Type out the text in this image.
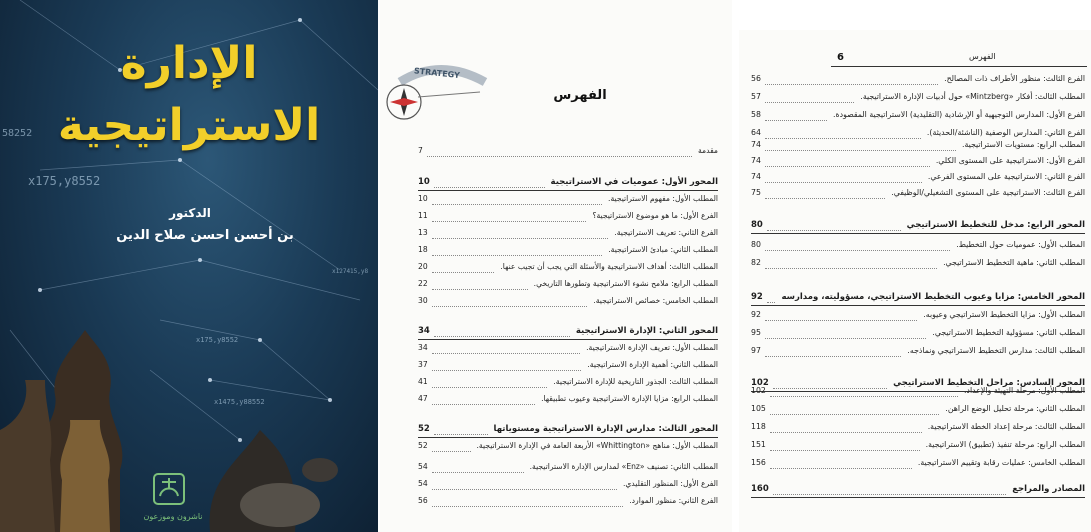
الإدارة
الاستراتيجية
58252
x175,y8552
x175,y8552
x1475,y88552
x127415,y8
الدكتور
بن أحسن احسن صلاح الدين
ناشرون وموزعون
STRATEGY
الفهرس
مقدمة
7
المحور الأول: عموميات في الاستراتيجية
10
المطلب الأول: مفهوم الاستراتيجية.
10
الفرع الأول: ما هو موضوع الاستراتيجية؟
11
الفرع الثاني: تعريف الاستراتيجية.
13
المطلب الثاني: مبادئ الاستراتيجية.
18
المطلب الثالث: أهداف الاستراتيجية والأسئلة التي يجب أن تجيب عنها.
20
المطلب الرابع: ملامح نشوء الاستراتيجية وتطورها التاريخي.
22
المطلب الخامس: خصائص الاستراتيجية.
30
المحور الثاني: الإدارة الاستراتيجية
34
المطلب الأول: تعريف الإدارة الاستراتيجية.
34
المطلب الثاني: أهمية الإدارة الاستراتيجية.
37
المطلب الثالث: الجذور التاريخية للإدارة الاستراتيجية.
41
المطلب الرابع: مزايا الإدارة الاستراتيجية وعيوب تطبيقها.
47
المحور الثالث: مدارس الإدارة الاستراتيجية ومستوياتها
52
المطلب الأول: مناهج «Whittington» الأربعة العامة في الإدارة الاستراتيجية.
52
المطلب الثاني: تصنيف «Enz» لمدارس الإدارة الاستراتيجية.
54
الفرع الأول: المنظور التقليدي.
54
الفرع الثاني: منظور الموارد.
56
6	الفهرس
الفرع الثالث: منظور الأطراف ذات المصالح.
56
المطلب الثالث: أفكار «Mintzberg» حول أدبيات الإدارة الاستراتيجية.
57
الفرع الأول: المدارس التوجيهية أو الإرشادية (التقليدية) الاستراتيجية المقصودة.
58
الفرع الثاني: المدارس الوصفية (الناشئة/الحديثة).
64
المطلب الرابع: مستويات الاستراتيجية.
74
الفرع الأول: الاستراتيجية على المستوى الكلي.
74
الفرع الثاني: الاستراتيجية على المستوى الفرعي.
74
الفرع الثالث: الاستراتيجية على المستوى التشغيلي/الوظيفي.
75
المحور الرابع: مدخل للتخطيط الاستراتيجي
80
المطلب الأول: عموميات حول التخطيط.
80
المطلب الثاني: ماهية التخطيط الاستراتيجي.
82
المحور الخامس: مزايا وعيوب التخطيط الاستراتيجي، مسؤوليته، ومدارسه
92
المطلب الأول: مزايا التخطيط الاستراتيجي وعيوبه.
92
المطلب الثاني: مسؤولية التخطيط الاستراتيجي.
95
المطلب الثالث: مدارس التخطيط الاستراتيجي ونماذجه.
97
المحور السادس: مراحل التخطيط الاستراتيجي
102
المطلب الأول: مرحلة التهيئة والإعداد.
102
المطلب الثاني: مرحلة تحليل الوضع الراهن.
105
المطلب الثالث: مرحلة إعداد الخطة الاستراتيجية.
118
المطلب الرابع: مرحلة تنفيذ (تطبيق) الاستراتيجية.
151
المطلب الخامس: عمليات رقابة وتقييم الاستراتيجية.
156
المصادر والمراجع
160
